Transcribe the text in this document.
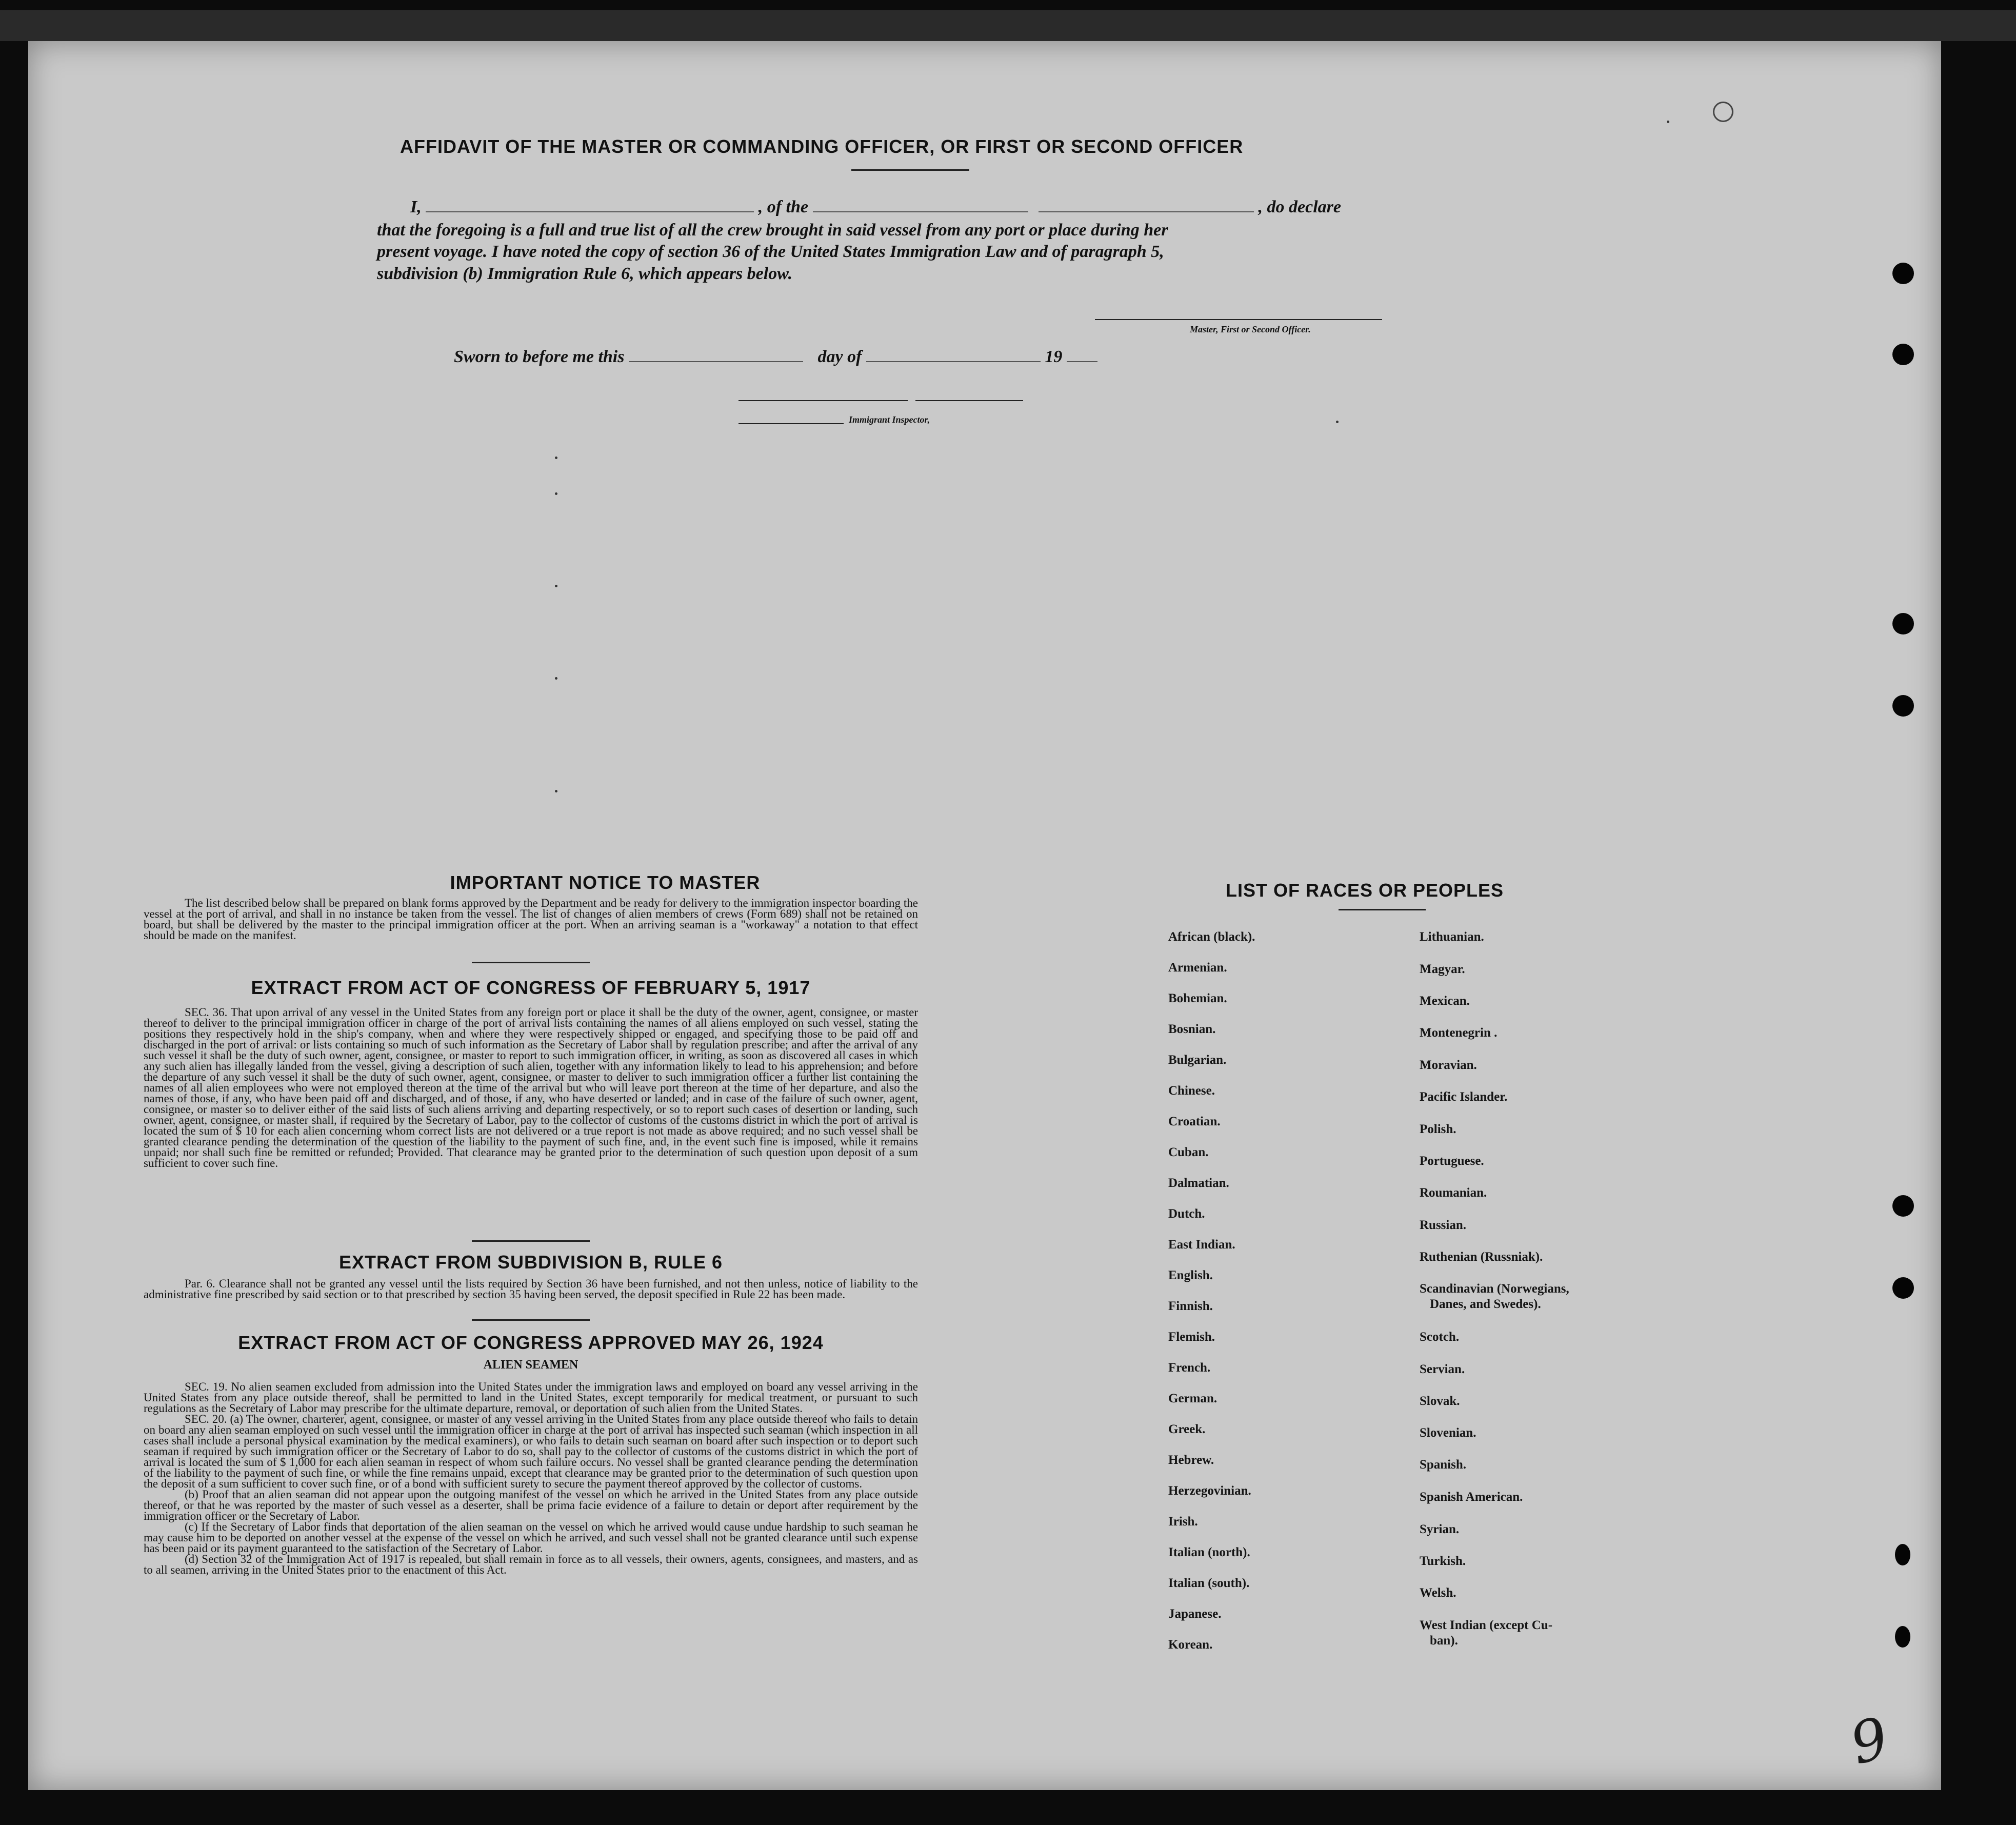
AFFIDAVIT OF THE MASTER OR COMMANDING OFFICER, OR FIRST OR SECOND OFFICER
I,	, of the	, do declare
that the foregoing is a full and true list of all the crew brought in said vessel from any port or place during her
present voyage. I have noted the copy of section 36 of the United States Immigration Law and of paragraph 5,
subdivision (b) Immigration Rule 6, which appears below.
Master, First or Second Officer.
Sworn to before me this	day of	19
Immigrant Inspector,
IMPORTANT NOTICE TO MASTER
The list described below shall be prepared on blank forms approved by the Department and be ready for delivery to the immigration inspector boarding the vessel at the port of arrival, and shall in no instance be taken from the vessel. The list of changes of alien members of crews (Form 689) shall not be retained on board, but shall be delivered by the master to the principal immigration officer at the port. When an arriving seaman is a "workaway" a notation to that effect should be made on the manifest.
EXTRACT FROM ACT OF CONGRESS OF FEBRUARY 5, 1917
SEC. 36. That upon arrival of any vessel in the United States from any foreign port or place it shall be the duty of the owner, agent, consignee, or master thereof to deliver to the principal immigration officer in charge of the port of arrival lists containing the names of all aliens employed on such vessel, stating the positions they respectively hold in the ship's company, when and where they were respectively shipped or engaged, and specifying those to be paid off and discharged in the port of arrival: or lists containing so much of such information as the Secretary of Labor shall by regulation prescribe; and after the arrival of any such vessel it shall be the duty of such owner, agent, consignee, or master to report to such immigration officer, in writing, as soon as discovered all cases in which any such alien has illegally landed from the vessel, giving a description of such alien, together with any information likely to lead to his apprehension; and before the departure of any such vessel it shall be the duty of such owner, agent, consignee, or master to deliver to such immigration officer a further list containing the names of all alien employees who were not employed thereon at the time of the arrival but who will leave port thereon at the time of her departure, and also the names of those, if any, who have been paid off and discharged, and of those, if any, who have deserted or landed; and in case of the failure of such owner, agent, consignee, or master so to deliver either of the said lists of such aliens arriving and departing respectively, or so to report such cases of desertion or landing, such owner, agent, consignee, or master shall, if required by the Secretary of Labor, pay to the collector of customs of the customs district in which the port of arrival is located the sum of $ 10 for each alien concerning whom correct lists are not delivered or a true report is not made as above required; and no such vessel shall be granted clearance pending the determination of the question of the liability to the payment of such fine, and, in the event such fine is imposed, while it remains unpaid; nor shall such fine be remitted or refunded; Provided. That clearance may be granted prior to the determination of such question upon deposit of a sum sufficient to cover such fine.
EXTRACT FROM SUBDIVISION B, RULE 6
Par. 6. Clearance shall not be granted any vessel until the lists required by Section 36 have been furnished, and not then unless, notice of liability to the administrative fine prescribed by said section or to that prescribed by section 35 having been served, the deposit specified in Rule 22 has been made.
EXTRACT FROM ACT OF CONGRESS APPROVED MAY 26, 1924
ALIEN SEAMEN
SEC. 19. No alien seamen excluded from admission into the United States under the immigration laws and employed on board any vessel arriving in the United States from any place outside thereof, shall be permitted to land in the United States, except temporarily for medical treatment, or pursuant to such regulations as the Secretary of Labor may prescribe for the ultimate departure, removal, or deportation of such alien from the United States.
SEC. 20. (a) The owner, charterer, agent, consignee, or master of any vessel arriving in the United States from any place outside thereof who fails to detain on board any alien seaman employed on such vessel until the immigration officer in charge at the port of arrival has inspected such seaman (which inspection in all cases shall include a personal physical examination by the medical examiners), or who fails to detain such seaman on board after such inspection or to deport such seaman if required by such immigration officer or the Secretary of Labor to do so, shall pay to the collector of customs of the customs district in which the port of arrival is located the sum of $ 1,000 for each alien seaman in respect of whom such failure occurs. No vessel shall be granted clearance pending the determination of the liability to the payment of such fine, or while the fine remains unpaid, except that clearance may be granted prior to the determination of such question upon the deposit of a sum sufficient to cover such fine, or of a bond with sufficient surety to secure the payment thereof approved by the collector of customs.
(b) Proof that an alien seaman did not appear upon the outgoing manifest of the vessel on which he arrived in the United States from any place outside thereof, or that he was reported by the master of such vessel as a deserter, shall be prima facie evidence of a failure to detain or deport after requirement by the immigration officer or the Secretary of Labor.
(c) If the Secretary of Labor finds that deportation of the alien seaman on the vessel on which he arrived would cause undue hardship to such seaman he may cause him to be deported on another vessel at the expense of the vessel on which he arrived, and such vessel shall not be granted clearance until such expense has been paid or its payment guaranteed to the satisfaction of the Secretary of Labor.
(d) Section 32 of the Immigration Act of 1917 is repealed, but shall remain in force as to all vessels, their owners, agents, consignees, and masters, and as to all seamen, arriving in the United States prior to the enactment of this Act.
LIST OF RACES OR PEOPLES
African (black).
Armenian.
Bohemian.
Bosnian.
Bulgarian.
Chinese.
Croatian.
Cuban.
Dalmatian.
Dutch.
East Indian.
English.
Finnish.
Flemish.
French.
German.
Greek.
Hebrew.
Herzegovinian.
Irish.
Italian (north).
Italian (south).
Japanese.
Korean.
Lithuanian.
Magyar.
Mexican.
Montenegrin .
Moravian.
Pacific Islander.
Polish.
Portuguese.
Roumanian.
Russian.
Ruthenian (Russniak).
Scandinavian (Norwegians,
Danes, and Swedes).
Scotch.
Servian.
Slovak.
Slovenian.
Spanish.
Spanish American.
Syrian.
Turkish.
Welsh.
West Indian (except Cu-
ban).
9
